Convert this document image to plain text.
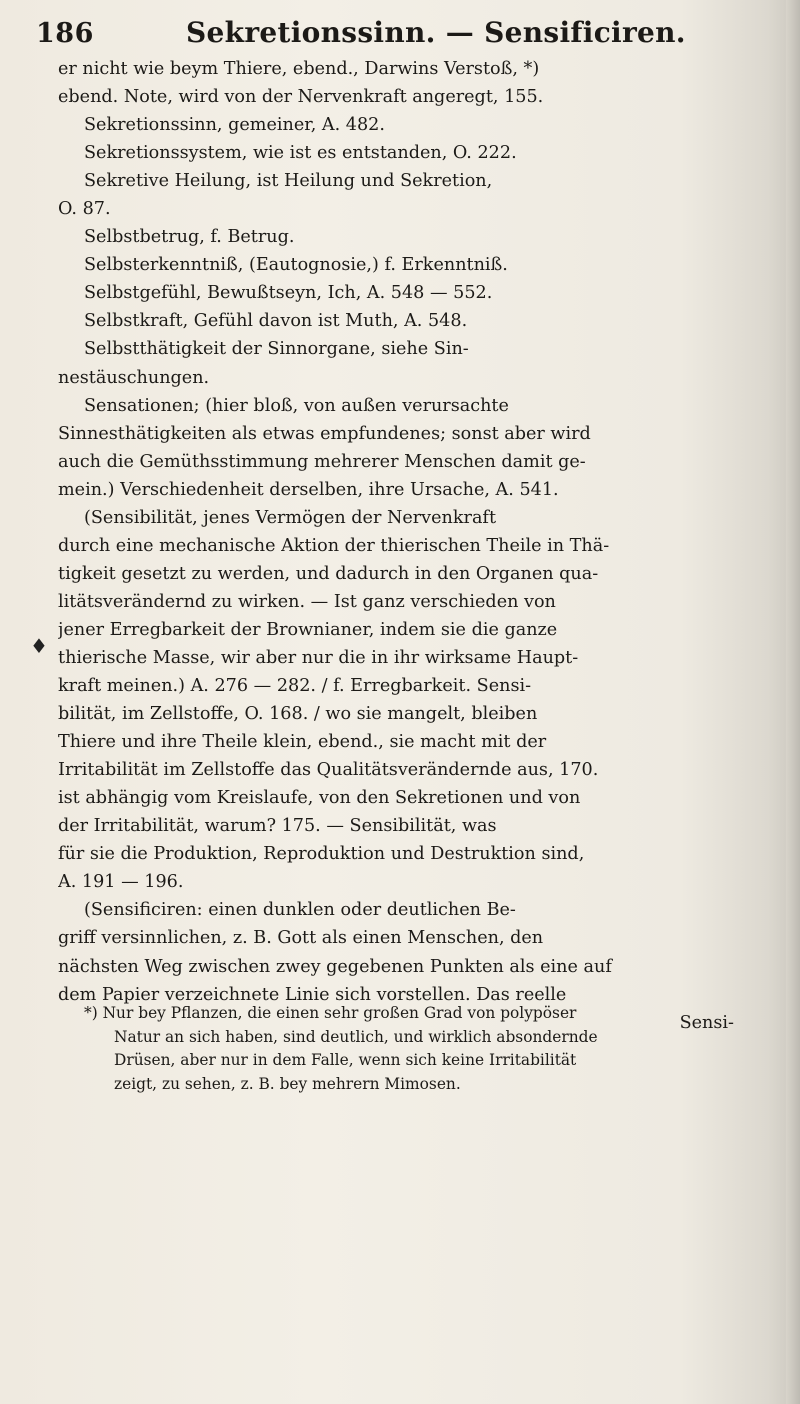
186	Sekretionssinn. — Sensificiren.
♦
er nicht wie beym Thiere, ebend., Darwins Verstoß, *)
ebend. Note, wird von der Nervenkraft angeregt, 155.
Sekretionssinn, gemeiner, A. 482.
Sekretionssystem, wie ist es entstanden, O. 222.
Sekretive Heilung, ist Heilung und Sekretion,
O. 87.
Selbstbetrug, f. Betrug.
Selbsterkenntniß, (Eautognosie,) f. Erkenntniß.
Selbstgefühl, Bewußtseyn, Ich, A. 548 — 552.
Selbstkraft, Gefühl davon ist Muth, A. 548.
Selbstthätigkeit der Sinnorgane, siehe Sin-
nestäuschungen.
Sensationen; (hier bloß, von außen verursachte
Sinnesthätigkeiten als etwas empfundenes; sonst aber wird
auch die Gemüthsstimmung mehrerer Menschen damit ge-
mein.) Verschiedenheit derselben, ihre Ursache, A. 541.
(Sensibilität, jenes Vermögen der Nervenkraft
durch eine mechanische Aktion der thierischen Theile in Thä-
tigkeit gesetzt zu werden, und dadurch in den Organen qua-
litätsverändernd zu wirken. — Ist ganz verschieden von
jener Erregbarkeit der Brownianer, indem sie die ganze
thierische Masse, wir aber nur die in ihr wirksame Haupt-
kraft meinen.) A. 276 — 282. / f. Erregbarkeit. Sensi-
bilität, im Zellstoffe, O. 168. / wo sie mangelt, bleiben
Thiere und ihre Theile klein, ebend., sie macht mit der
Irritabilität im Zellstoffe das Qualitätsverändernde aus, 170.
ist abhängig vom Kreislaufe, von den Sekretionen und von
der Irritabilität, warum? 175. — Sensibilität, was
für sie die Produktion, Reproduktion und Destruktion sind,
A. 191 — 196.
(Sensificiren: einen dunklen oder deutlichen Be-
griff versinnlichen, z. B. Gott als einen Menschen, den
nächsten Weg zwischen zwey gegebenen Punkten als eine auf
dem Papier verzeichnete Linie sich vorstellen. Das reelle
Sensi-
*) Nur bey Pflanzen, die einen sehr großen Grad von polypöser
Natur an sich haben, sind deutlich, und wirklich absondernde
Drüsen, aber nur in dem Falle, wenn sich keine Irritabilität
zeigt, zu sehen, z. B. bey mehrern Mimosen.
